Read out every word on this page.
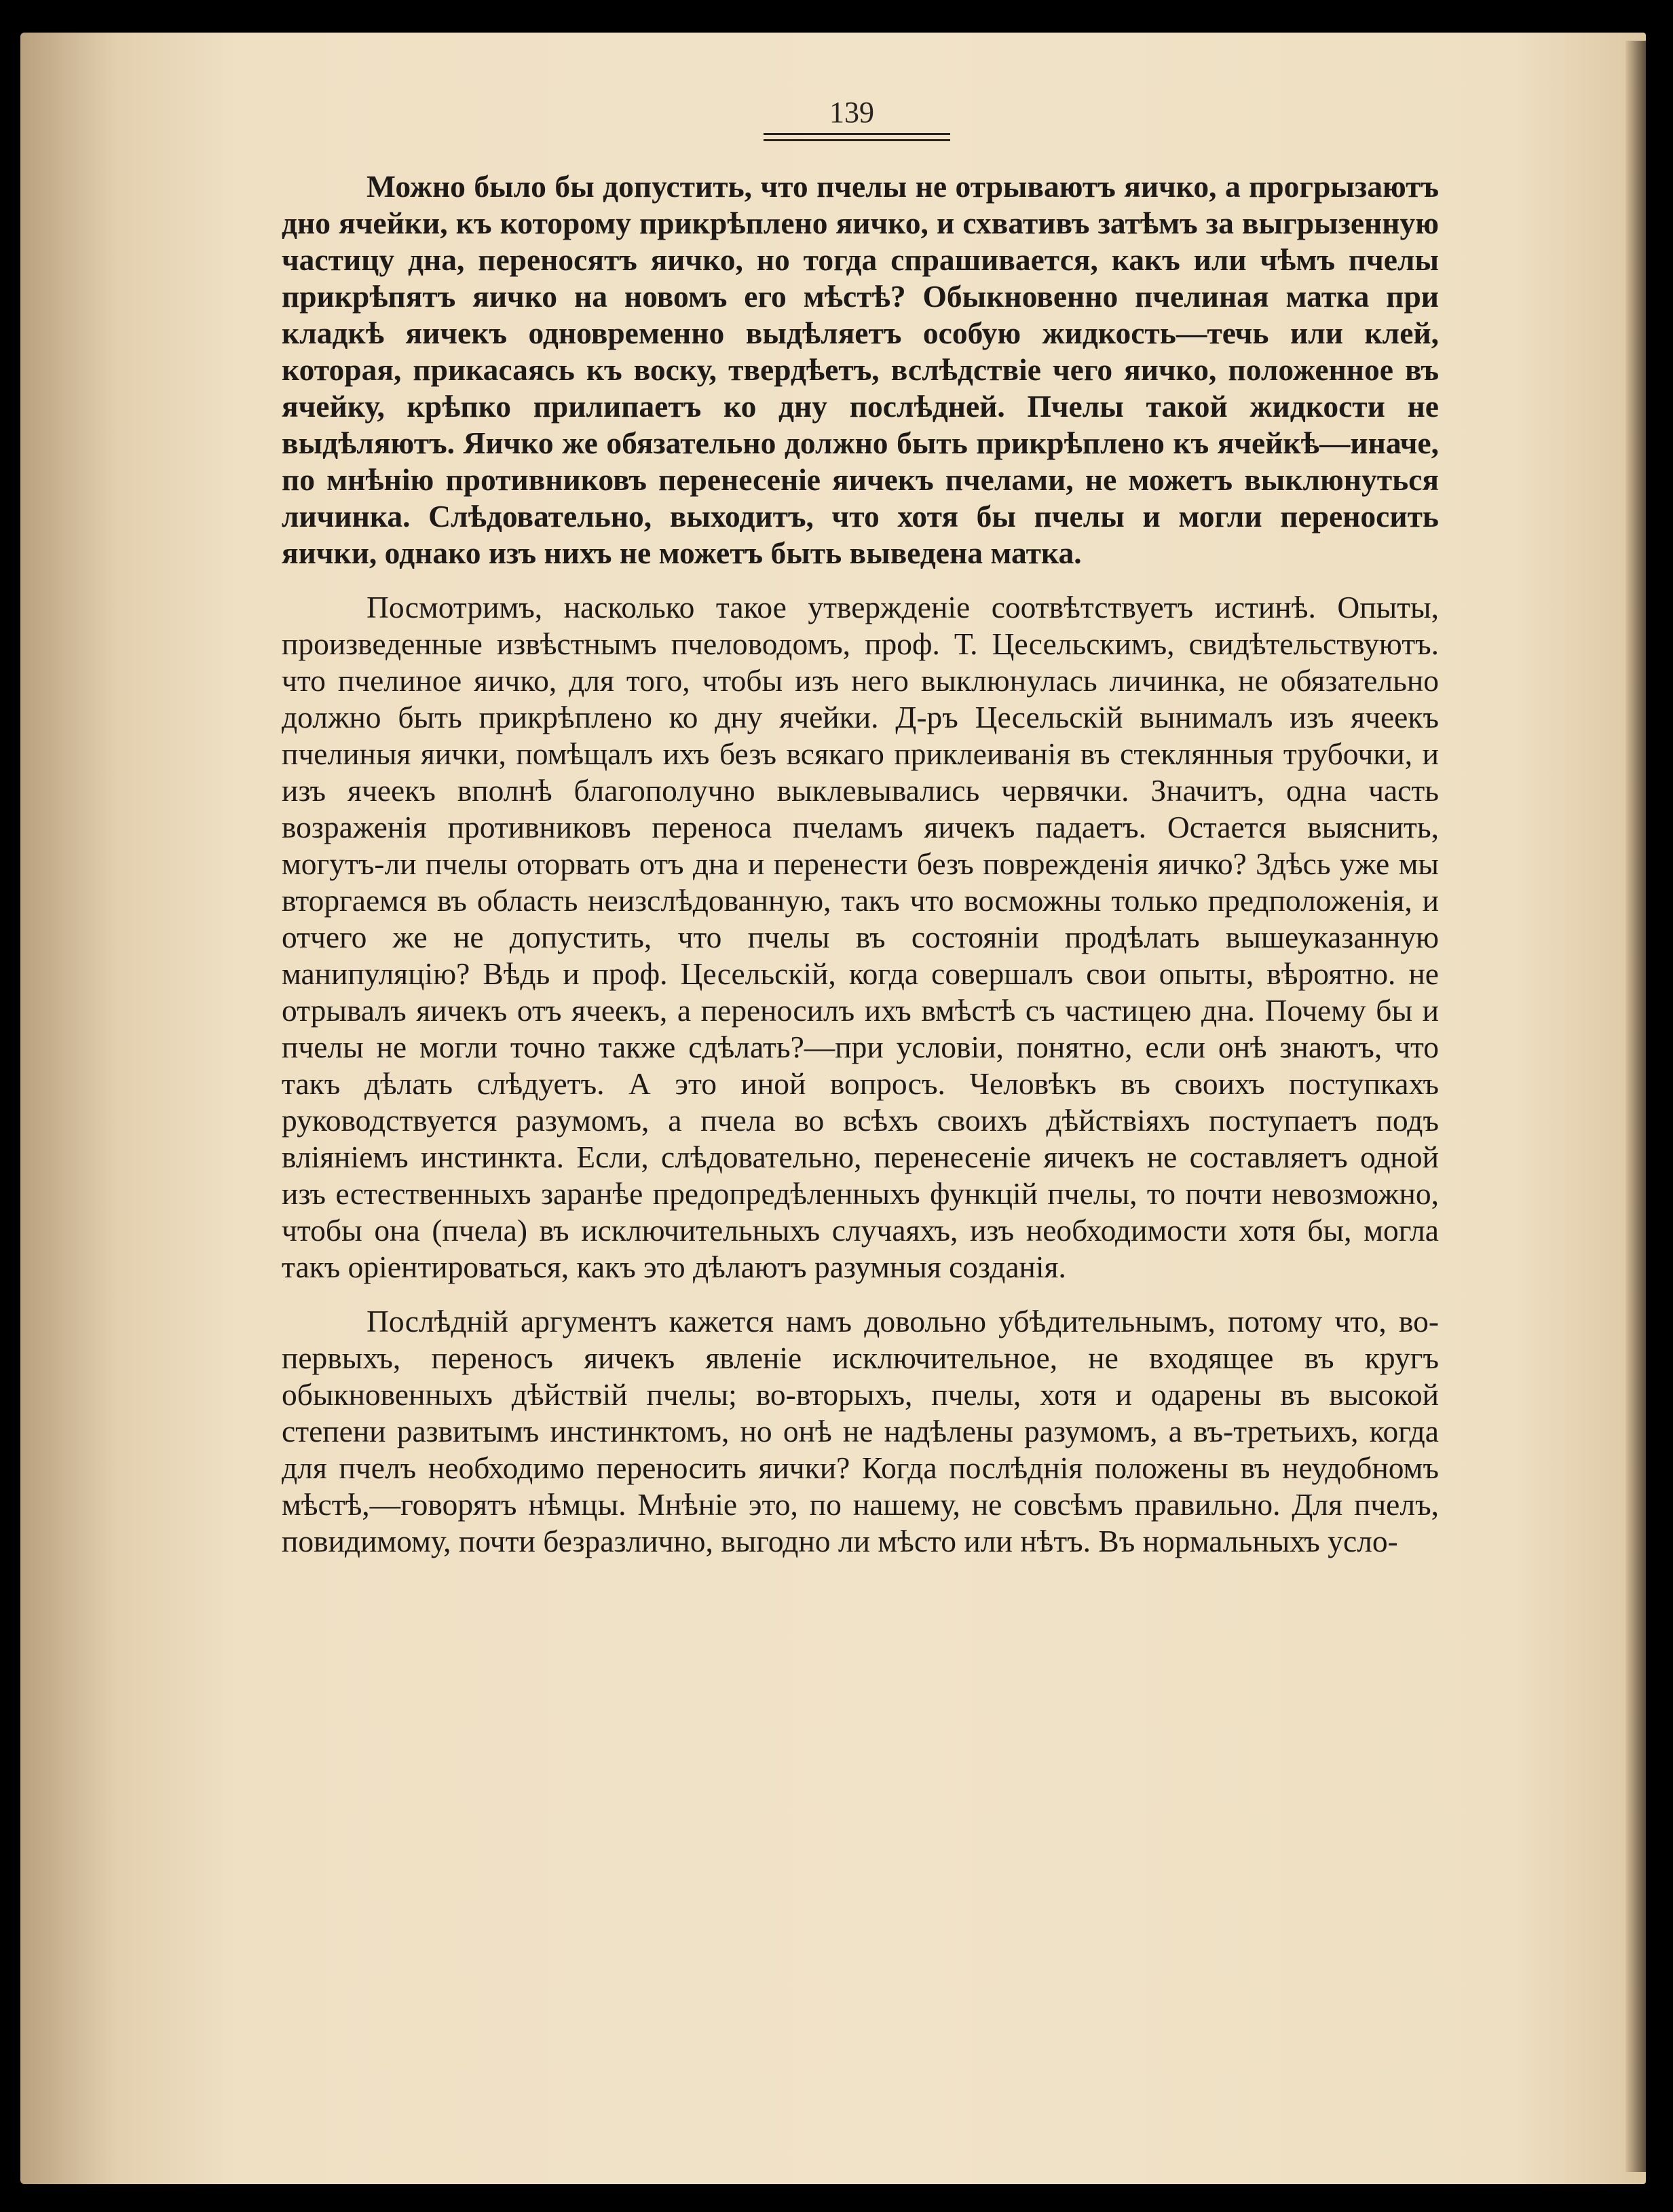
139

Можно было бы допустить, что пчелы не отрываютъ яичко, а прогрызаютъ дно ячейки, къ которому прикрѣплено яичко, и схвативъ затѣмъ за выгрызенную частицу дна, переносятъ яичко, но тогда спрашивается, какъ или чѣмъ пчелы прикрѣпятъ яичко на новомъ его мѣстѣ? Обыкновенно пчелиная матка при кладкѣ яичекъ одновременно выдѣляетъ особую жидкость—течь или клей, которая, прикасаясь къ воску, твердѣетъ, вслѣдствіе чего яичко, положенное въ ячейку, крѣпко прилипаетъ ко дну послѣдней. Пчелы такой жидкости не выдѣляютъ. Яичко же обязательно должно быть прикрѣплено къ ячейкѣ—иначе, по мнѣнію противниковъ перенесеніе яичекъ пчелами, не можетъ выклюнуться личинка. Слѣдовательно, выходитъ, что хотя бы пчелы и могли переносить яички, однако изъ нихъ не можетъ быть выведена матка.

Посмотримъ, насколько такое утвержденіе соотвѣтствуетъ истинѣ. Опыты, произведенные извѣстнымъ пчеловодомъ, проф. Т. Цесельскимъ, свидѣтельствуютъ. что пчелиное яичко, для того, чтобы изъ него выклюнулась личинка, не обязательно должно быть прикрѣплено ко дну ячейки. Д-ръ Цесельскій вынималъ изъ ячеекъ пчелиныя яички, помѣщалъ ихъ безъ всякаго приклеиванія въ стеклянныя трубочки, и изъ ячеекъ вполнѣ благополучно выклевывались червячки. Значитъ, одна часть возраженія противниковъ переноса пчеламъ яичекъ падаетъ. Остается выяснить, могутъ-ли пчелы оторвать отъ дна и перенести безъ поврежденія яичко? Здѣсь уже мы вторгаемся въ область неизслѣдованную, такъ что восможны только предположенія, и отчего же не допустить, что пчелы въ состояніи продѣлать вышеуказанную манипуляцію? Вѣдь и проф. Цесельскій, когда совершалъ свои опыты, вѣроятно. не отрывалъ яичекъ отъ ячеекъ, а переносилъ ихъ вмѣстѣ съ частицею дна. Почему бы и пчелы не могли точно также сдѣлать?—при условіи, понятно, если онѣ знаютъ, что такъ дѣлать слѣдуетъ. А это иной вопросъ. Человѣкъ въ своихъ поступкахъ руководствуется разумомъ, а пчела во всѣхъ своихъ дѣйствіяхъ поступаетъ подъ вліяніемъ инстинкта. Если, слѣдовательно, перенесеніе яичекъ не составляетъ одной изъ естественныхъ заранѣе предопредѣленныхъ функцій пчелы, то почти невозможно, чтобы она (пчела) въ исключительныхъ случаяхъ, изъ необходимости хотя бы, могла такъ оріентироваться, какъ это дѣлаютъ разумныя созданія.

Послѣдній аргументъ кажется намъ довольно убѣдительнымъ, потому что, во-первыхъ, переносъ яичекъ явленіе исключительное, не входящее въ кругъ обыкновенныхъ дѣйствій пчелы; во-вторыхъ, пчелы, хотя и одарены въ высокой степени развитымъ инстинктомъ, но онѣ не надѣлены разумомъ, а въ-третьихъ, когда для пчелъ необходимо переносить яички? Когда послѣднія положены въ неудобномъ мѣстѣ,—говорятъ нѣмцы. Мнѣніе это, по нашему, не совсѣмъ правильно. Для пчелъ, повидимому, почти безразлично, выгодно ли мѣсто или нѣтъ. Въ нормальныхъ усло-
